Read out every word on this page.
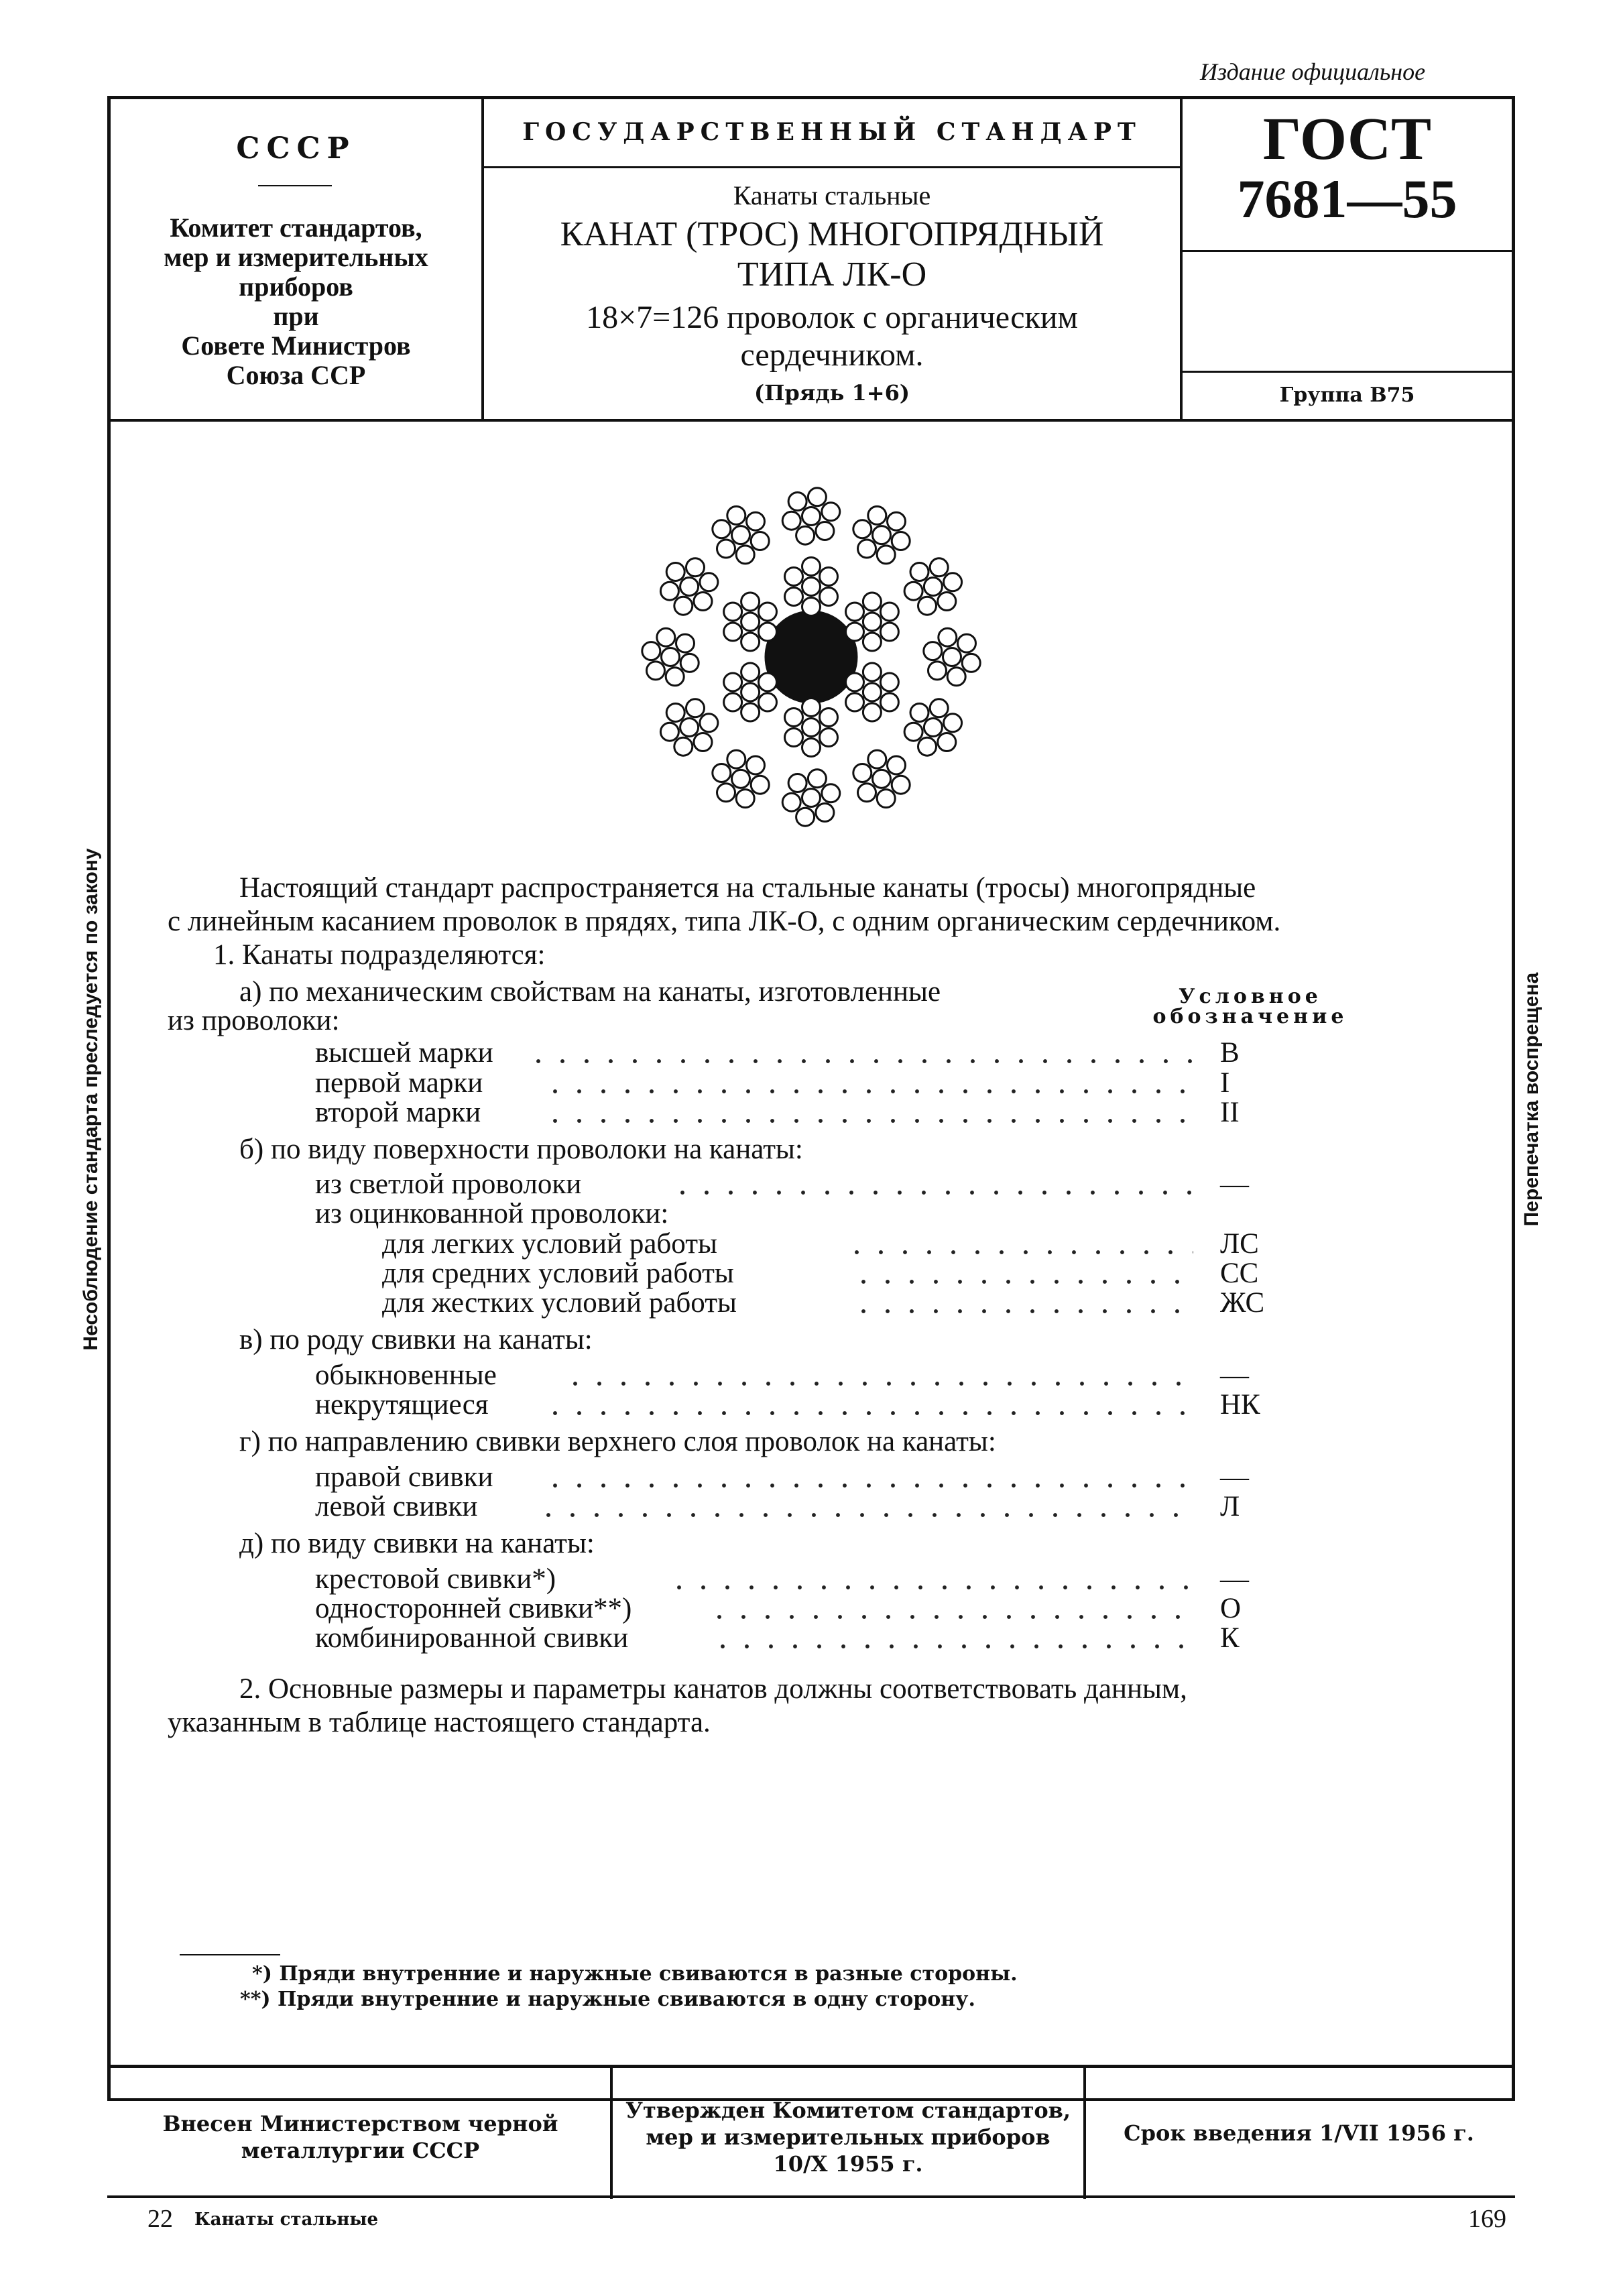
Издание официальное
СССР
Комитет стандартов,
мер и измерительных
приборов
при
Совете Министров
Союза ССР
ГОСУДАРСТВЕННЫЙ СТАНДАРТ
Канаты стальные
КАНАТ (ТРОС) МНОГОПРЯДНЫЙ
ТИПА ЛК-О
18×7=126 проволок с органическим
сердечником.
(Прядь 1+6)
ГОСТ
7681—55
Группа В75
Несоблюдение стандарта преследуется по закону	Перепечатка воспрещена
Настоящий стандарт распространяется на стальные канаты (тросы) многопрядные
с линейным касанием проволок в прядях, типа ЛК-О, с одним органическим сердечником.
1. Канаты подразделяются:
а) по механическим свойствам на канаты, изготовленные
из проволоки:
Условное
обозначение
высшей марки	В
первой марки	I
второй марки	II
б) по виду поверхности проволоки на канаты:
из светлой проволоки	—
из оцинкованной проволоки:
для легких условий работы	ЛС
для средних условий работы	СС
для жестких условий работы	ЖС
в) по роду свивки на канаты:
обыкновенные	—
некрутящиеся	НК
г) по направлению свивки верхнего слоя проволок на канаты:
правой свивки	—
левой свивки	Л
д) по виду свивки на канаты:
крестовой свивки*)	—
односторонней свивки**)	О
комбинированной свивки	К
2. Основные размеры и параметры канатов должны соответствовать данным,
указанным в таблице настоящего стандарта.
*) Пряди внутренние и наружные свиваются в разные стороны.
**) Пряди внутренние и наружные свиваются в одну сторону.
Внесен Министерством черной
металлургии СССР
Утвержден Комитетом стандартов,
мер и измерительных приборов
10/Х 1955 г.
Срок введения 1/VII 1956 г.
22 Канаты стальные	169
